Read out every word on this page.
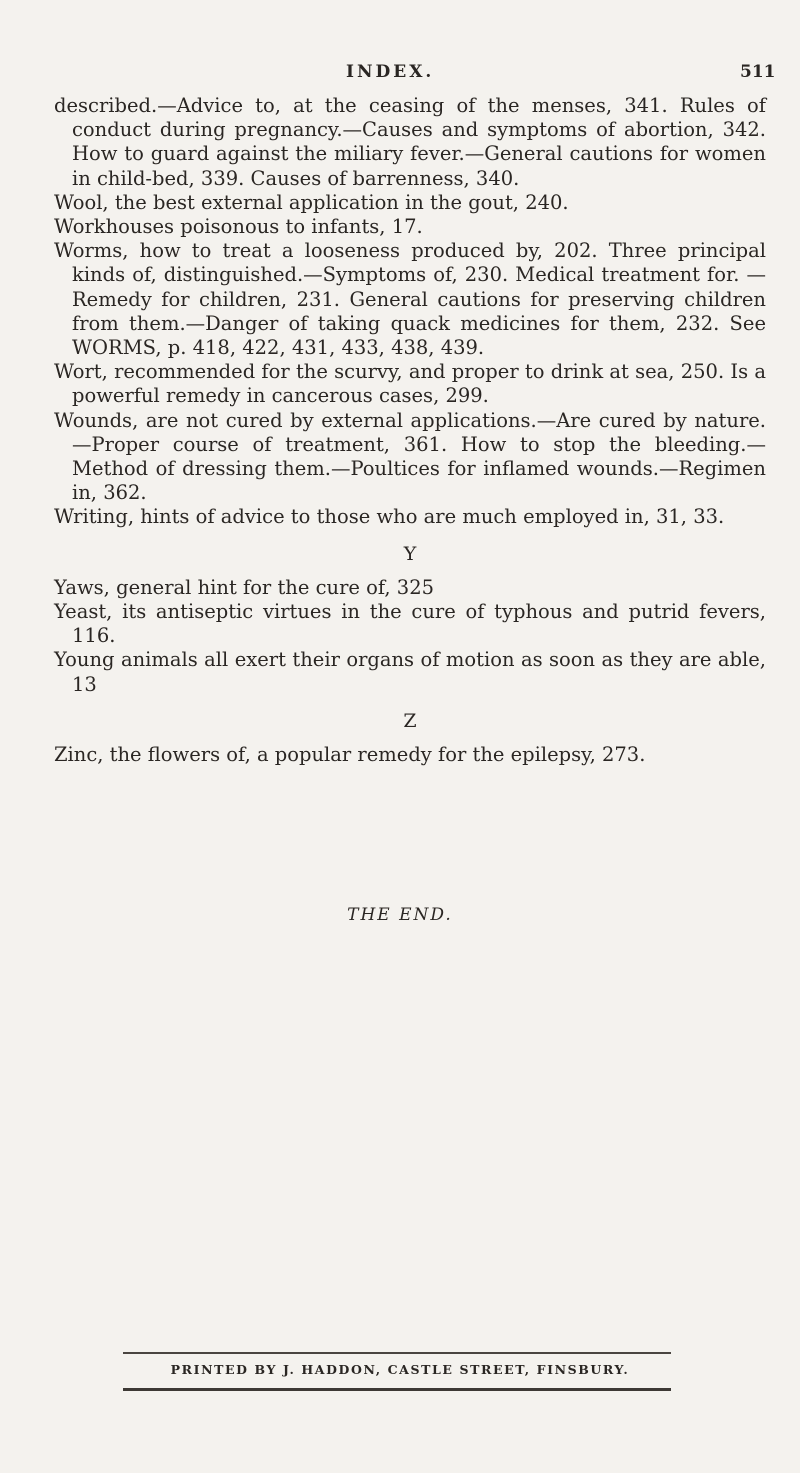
INDEX.	511

described.—Advice to, at the ceasing of the menses, 341. Rules of conduct during pregnancy.—Causes and symptoms of abortion, 342. How to guard against the miliary fever.—General cautions for women in child-bed, 339. Causes of barrenness, 340.

Wool, the best external application in the gout, 240.

Workhouses poisonous to infants, 17.

Worms, how to treat a looseness produced by, 202. Three principal kinds of, distinguished.—Symptoms of, 230. Medical treatment for. —Remedy for children, 231. General cautions for preserving children from them.—Danger of taking quack medicines for them, 232. See WORMS, p. 418, 422, 431, 433, 438, 439.

Wort, recommended for the scurvy, and proper to drink at sea, 250. Is a powerful remedy in cancerous cases, 299.

Wounds, are not cured by external applications.—Are cured by nature. —Proper course of treatment, 361. How to stop the bleeding.— Method of dressing them.—Poultices for inflamed wounds.—Regimen in, 362.

Writing, hints of advice to those who are much employed in, 31, 33.

Y

Yaws, general hint for the cure of, 325

Yeast, its antiseptic virtues in the cure of typhous and putrid fevers, 116.

Young animals all exert their organs of motion as soon as they are able, 13

Z

Zinc, the flowers of, a popular remedy for the epilepsy, 273.

THE END.
PRINTED BY J. HADDON, CASTLE STREET, FINSBURY.
